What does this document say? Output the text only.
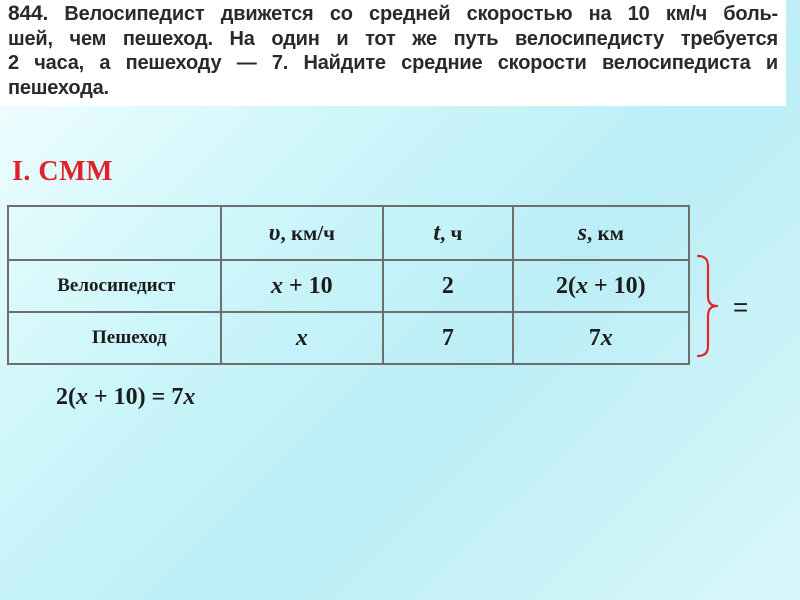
844. Велосипедист движется со средней скоростью на 10 км/ч боль-
шей, чем пешеход. На один и тот же путь велосипедисту требуется
2 часа, а пешеходу — 7. Найдите средние скорости велосипедиста и
пешехода.
I. СММ
	υ, км/ч	t, ч	s, км
Велосипедист	x + 10	2	2(x + 10)
Пешеход	x	7	7x
=
2(x + 10) = 7x
